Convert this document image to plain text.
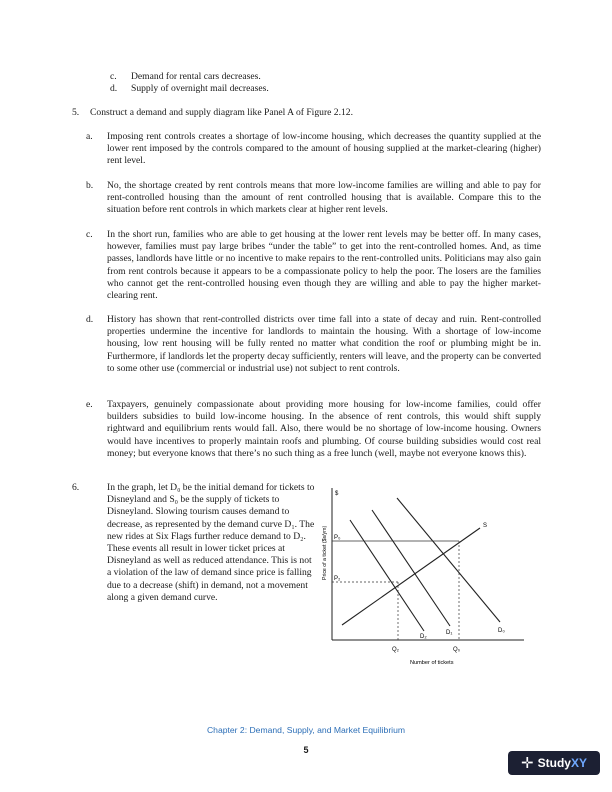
c. Demand for rental cars decreases.
d. Supply of overnight mail decreases.
5. Construct a demand and supply diagram like Panel A of Figure 2.12.
a. Imposing rent controls creates a shortage of low-income housing, which decreases the quantity supplied at the lower rent imposed by the controls compared to the amount of housing supplied at the market-clearing (higher) rent level.
b. No, the shortage created by rent controls means that more low-income families are willing and able to pay for rent-controlled housing than the amount of rent controlled housing that is available. Compare this to the situation before rent controls in which markets clear at higher rent levels.
c. In the short run, families who are able to get housing at the lower rent levels may be better off. In many cases, however, families must pay large bribes “under the table” to get into the rent-controlled homes. And, as time passes, landlords have little or no incentive to make repairs to the rent-controlled units. Politicians may also gain from rent controls because it appears to be a compassionate policy to help the poor. The losers are the families who cannot get the rent-controlled housing even though they are willing and able to pay the higher market-clearing rent.
d. History has shown that rent-controlled districts over time fall into a state of decay and ruin. Rent-controlled properties undermine the incentive for landlords to maintain the housing. With a shortage of low-income housing, low rent housing will be fully rented no matter what condition the roof or plumbing might be in. Furthermore, if landlords let the property decay sufficiently, renters will leave, and the property can be converted to some other use (commercial or industrial use) not subject to rent controls.
e. Taxpayers, genuinely compassionate about providing more housing for low-income families, could offer builders subsidies to build low-income housing. In the absence of rent controls, this would shift supply rightward and equilibrium rents would fall. Also, there would be no shortage of low-income housing. Owners would have incentives to properly maintain roofs and plumbing. Of course building subsidies would cost real money; but everyone knows that there’s no such thing as a free lunch (well, maybe not everyone knows this).
6.	In the graph, let D₀ be the initial demand for tickets to Disneyland and S₀ be the supply of tickets to Disneyland. Slowing tourism causes demand to decrease, as represented by the demand curve D₁. The new rides at Six Flags further reduce demand to D₂. These events all result in lower ticket prices at Disneyland as well as reduced attendance. This is not a violation of the law of demand since price is falling due to a decrease (shift) in demand, not a movement along a given demand curve.
$
Price of a ticket ($s/ym)
Number of tickets
S
D₀
D₁
D₂
P₀
P₂
Q₂	Q₀
Chapter 2: Demand, Supply, and Market Equilibrium
5
✛ StudyXY
